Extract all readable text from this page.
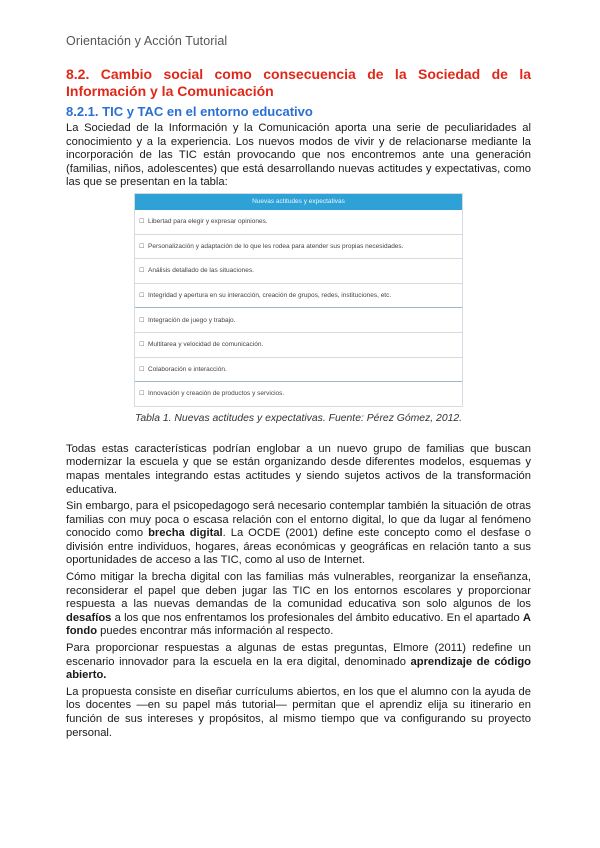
Orientación y Acción Tutorial
8.2. Cambio social como consecuencia de la Sociedad de la Información y la Comunicación
8.2.1. TIC y TAC en el entorno educativo

La Sociedad de la Información y la Comunicación aporta una serie de peculiaridades al conocimiento y a la experiencia. Los nuevos modos de vivir y de relacionarse mediante la incorporación de las TIC están provocando que nos encontremos ante una generación (familias, niños, adolescentes) que está desarrollando nuevas actitudes y expectativas, como las que se presentan en la tabla:

Nuevas actitudes y expectativas
☐ Libertad para elegir y expresar opiniones.
☐ Personalización y adaptación de lo que les rodea para atender sus propias necesidades.
☐ Análisis detallado de las situaciones.
☐ Integridad y apertura en su interacción, creación de grupos, redes, instituciones, etc.
☐ Integración de juego y trabajo.
☐ Multitarea y velocidad de comunicación.
☐ Colaboración e interacción.
☐ Innovación y creación de productos y servicios.
Tabla 1. Nuevas actitudes y expectativas. Fuente: Pérez Gómez, 2012.

Todas estas características podrían englobar a un nuevo grupo de familias que buscan modernizar la escuela y que se están organizando desde diferentes modelos, esquemas y mapas mentales integrando estas actitudes y siendo sujetos activos de la transformación educativa.

Sin embargo, para el psicopedagogo será necesario contemplar también la situación de otras familias con muy poca o escasa relación con el entorno digital, lo que da lugar al fenómeno conocido como brecha digital. La OCDE (2001) define este concepto como el desfase o división entre individuos, hogares, áreas económicas y geográficas en relación tanto a sus oportunidades de acceso a las TIC, como al uso de Internet.

Cómo mitigar la brecha digital con las familias más vulnerables, reorganizar la enseñanza, reconsiderar el papel que deben jugar las TIC en los entornos escolares y proporcionar respuesta a las nuevas demandas de la comunidad educativa son solo algunos de los desafíos a los que nos enfrentamos los profesionales del ámbito educativo. En el apartado A fondo puedes encontrar más información al respecto.

Para proporcionar respuestas a algunas de estas preguntas, Elmore (2011) redefine un escenario innovador para la escuela en la era digital, denominado aprendizaje de código abierto.

La propuesta consiste en diseñar currículums abiertos, en los que el alumno con la ayuda de los docentes —en su papel más tutorial— permitan que el aprendiz elija su itinerario en función de sus intereses y propósitos, al mismo tiempo que va configurando su proyecto personal.
